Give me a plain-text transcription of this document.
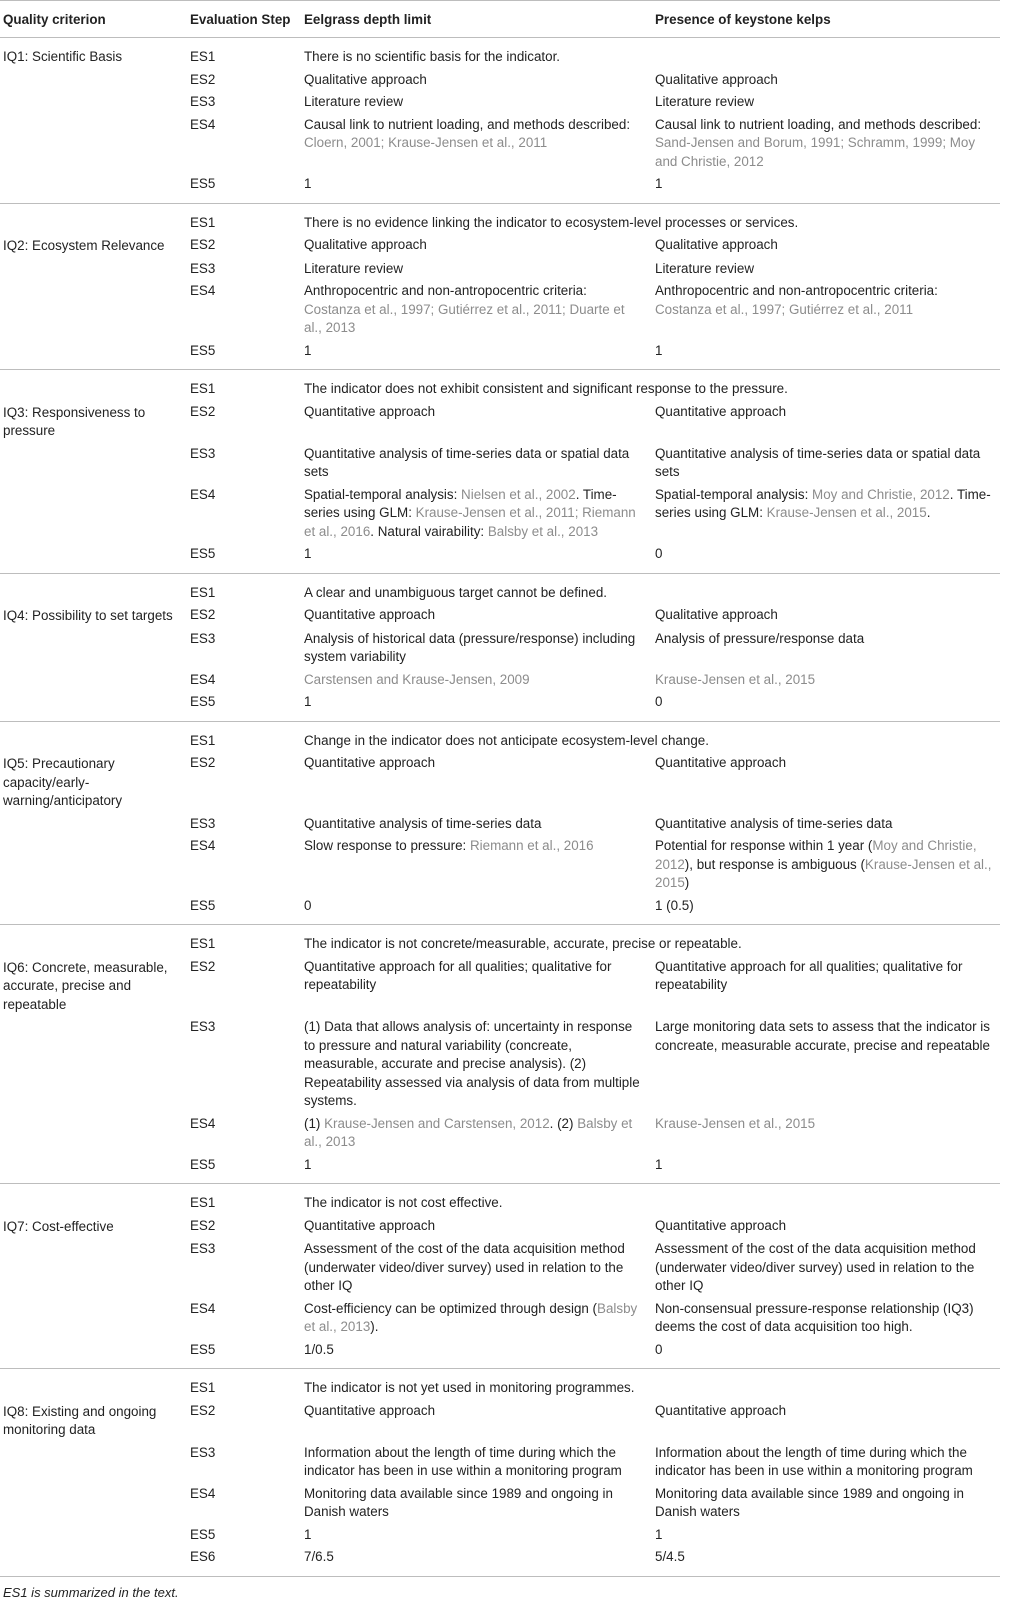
Quality criterion	Evaluation Step	Eelgrass depth limit	Presence of keystone kelps
IQ1: Scientific Basis	ES1	There is no scientific basis for the indicator.	
	ES2	Qualitative approach	Qualitative approach
	ES3	Literature review	Literature review
	ES4	Causal link to nutrient loading, and methods described: Cloern, 2001; Krause-Jensen et al., 2011	Causal link to nutrient loading, and methods described: Sand-Jensen and Borum, 1991; Schramm, 1999; Moy and Christie, 2012
	ES5	1	1
	ES1	There is no evidence linking the indicator to ecosystem-level processes or services.	
IQ2: Ecosystem Relevance	ES2	Qualitative approach	Qualitative approach
	ES3	Literature review	Literature review
	ES4	Anthropocentric and non-antropocentric criteria: Costanza et al., 1997; Gutiérrez et al., 2011; Duarte et al., 2013	Anthropocentric and non-antropocentric criteria: Costanza et al., 1997; Gutiérrez et al., 2011
	ES5	1	1
	ES1	The indicator does not exhibit consistent and significant response to the pressure.	
IQ3: Responsiveness to pressure	ES2	Quantitative approach	Quantitative approach
	ES3	Quantitative analysis of time-series data or spatial data sets	Quantitative analysis of time-series data or spatial data sets
	ES4	Spatial-temporal analysis: Nielsen et al., 2002. Time-series using GLM: Krause-Jensen et al., 2011; Riemann et al., 2016. Natural vairability: Balsby et al., 2013	Spatial-temporal analysis: Moy and Christie, 2012. Time-series using GLM: Krause-Jensen et al., 2015.
	ES5	1	0
	ES1	A clear and unambiguous target cannot be defined.	
IQ4: Possibility to set targets	ES2	Quantitative approach	Qualitative approach
	ES3	Analysis of historical data (pressure/response) including system variability	Analysis of pressure/response data
	ES4	Carstensen and Krause-Jensen, 2009	Krause-Jensen et al., 2015
	ES5	1	0
	ES1	Change in the indicator does not anticipate ecosystem-level change.	
IQ5: Precautionary capacity/early-warning/anticipatory	ES2	Quantitative approach	Quantitative approach
	ES3	Quantitative analysis of time-series data	Quantitative analysis of time-series data
	ES4	Slow response to pressure: Riemann et al., 2016	Potential for response within 1 year (Moy and Christie, 2012), but response is ambiguous (Krause-Jensen et al., 2015)
	ES5	0	1 (0.5)
	ES1	The indicator is not concrete/measurable, accurate, precise or repeatable.	
IQ6: Concrete, measurable, accurate, precise and repeatable	ES2	Quantitative approach for all qualities; qualitative for repeatability	Quantitative approach for all qualities; qualitative for repeatability
	ES3	(1) Data that allows analysis of: uncertainty in response to pressure and natural variability (concreate, measurable, accurate and precise analysis). (2) Repeatability assessed via analysis of data from multiple systems.	Large monitoring data sets to assess that the indicator is concreate, measurable accurate, precise and repeatable
	ES4	(1) Krause-Jensen and Carstensen, 2012. (2) Balsby et al., 2013	Krause-Jensen et al., 2015
	ES5	1	1
	ES1	The indicator is not cost effective.	
IQ7: Cost-effective	ES2	Quantitative approach	Quantitative approach
	ES3	Assessment of the cost of the data acquisition method (underwater video/diver survey) used in relation to the other IQ	Assessment of the cost of the data acquisition method (underwater video/diver survey) used in relation to the other IQ
	ES4	Cost-efficiency can be optimized through design (Balsby et al., 2013).	Non-consensual pressure-response relationship (IQ3) deems the cost of data acquisition too high.
	ES5	1/0.5	0
	ES1	The indicator is not yet used in monitoring programmes.	
IQ8: Existing and ongoing monitoring data	ES2	Quantitative approach	Quantitative approach
	ES3	Information about the length of time during which the indicator has been in use within a monitoring program	Information about the length of time during which the indicator has been in use within a monitoring program
	ES4	Monitoring data available since 1989 and ongoing in Danish waters	Monitoring data available since 1989 and ongoing in Danish waters
	ES5	1	1
	ES6	7/6.5	5/4.5
ES1 is summarized in the text.
